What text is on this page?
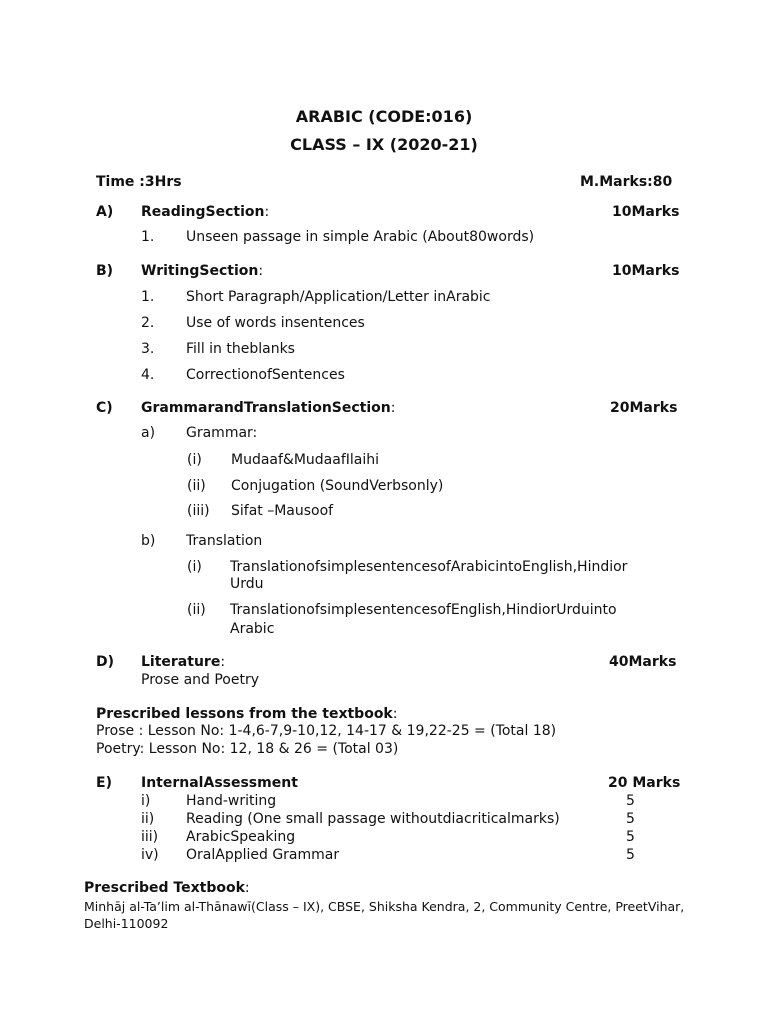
ARABIC (CODE:016)
CLASS – IX (2020-21)
Time :3Hrs	M.Marks:80
A) ReadingSection:	10Marks
1. Unseen passage in simple Arabic (About80words)
B) WritingSection:	10Marks
1. Short Paragraph/Application/Letter inArabic
2. Use of words insentences
3. Fill in theblanks
4. CorrectionofSentences
C) GrammarandTranslationSection:	20Marks
a) Grammar:
(i) Mudaaf&MudaafIlaihi
(ii) Conjugation (SoundVerbsonly)
(iii) Sifat –Mausoof
b) Translation
(i) TranslationofsimplesentencesofArabicintoEnglish,Hindior
Urdu
(ii) TranslationofsimplesentencesofEnglish,HindiorUrduinto
Arabic
D) Literature:	40Marks
Prose and Poetry
Prescribed lessons from the textbook:
Prose : Lesson No: 1-4,6-7,9-10,12, 14-17 & 19,22-25 = (Total 18)
Poetry: Lesson No: 12, 18 & 26 = (Total 03)
E) InternalAssessment	20 Marks
i)	Hand-writing	5
ii) Reading (One small passage withoutdiacriticalmarks)	5
iii) ArabicSpeaking	5
iv) OralApplied Grammar	5
Prescribed Textbook:
Minhāj al-Ta’lim al-Thānawī(Class – IX), CBSE, Shiksha Kendra, 2, Community Centre, PreetVihar,
Delhi-110092
